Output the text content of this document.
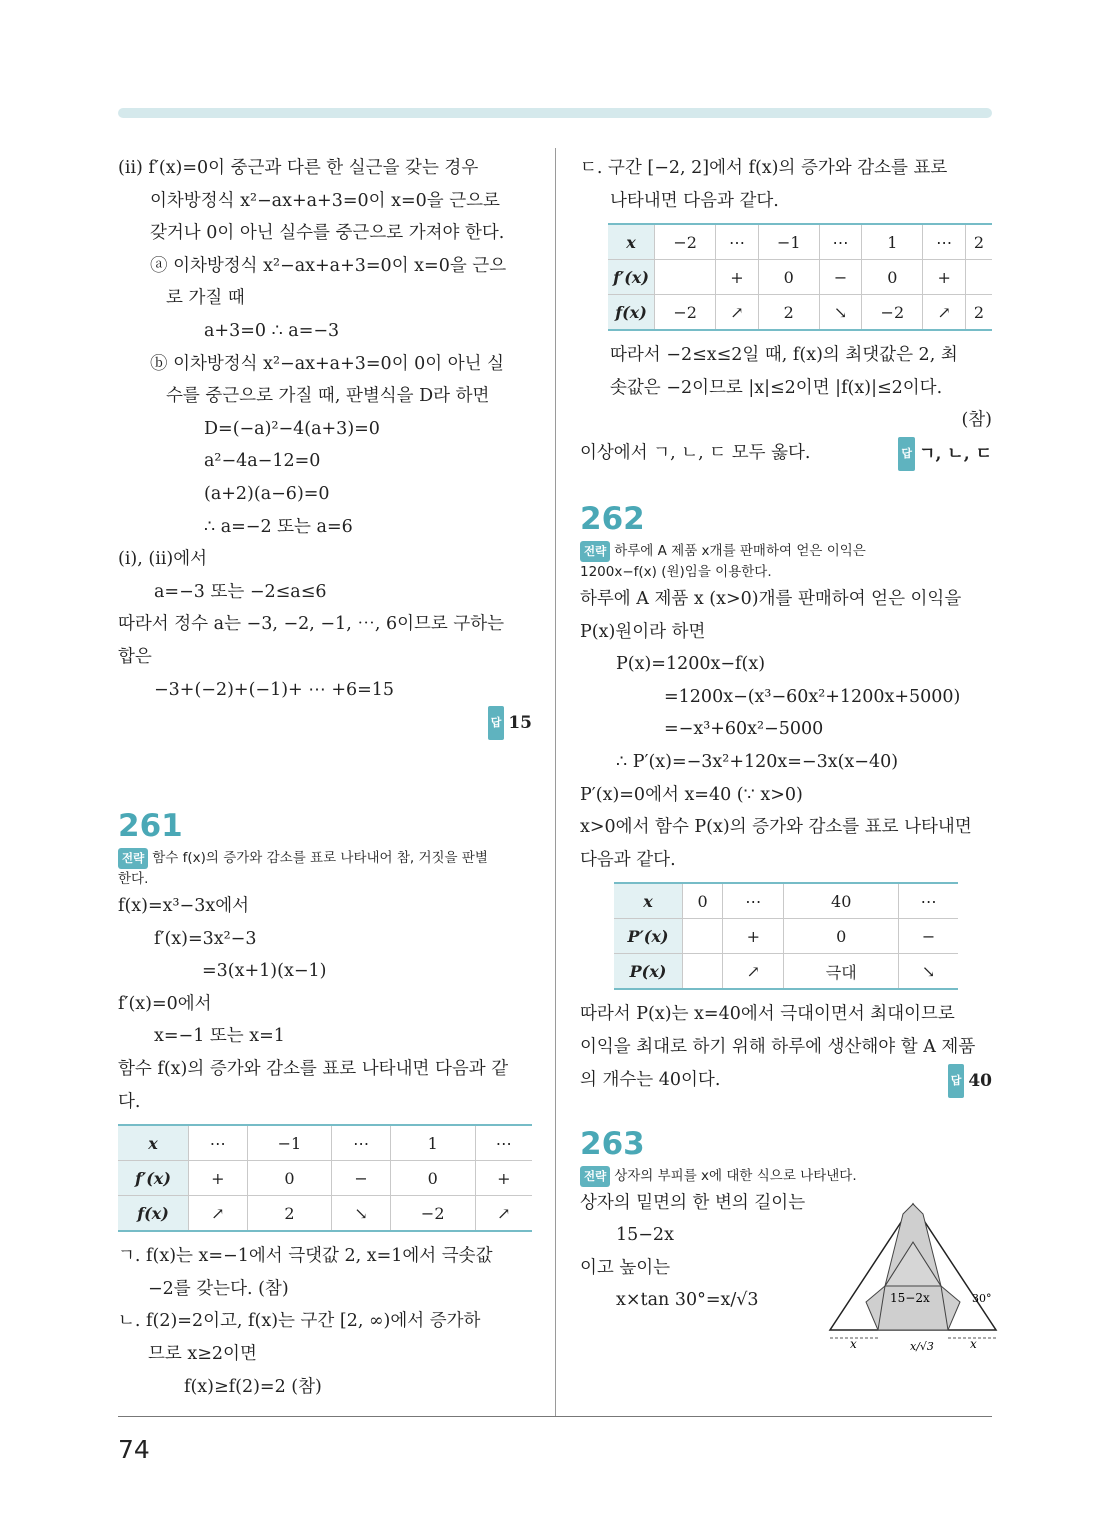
(ⅱ) f′(x)=0이 중근과 다른 한 실근을 갖는 경우
이차방정식 x²−ax+a+3=0이 x=0을 근으로
갖거나 0이 아닌 실수를 중근으로 가져야 한다.
ⓐ 이차방정식 x²−ax+a+3=0이 x=0을 근으
로 가질 때
a+3=0 ∴ a=−3
ⓑ 이차방정식 x²−ax+a+3=0이 0이 아닌 실
수를 중근으로 가질 때, 판별식을 D라 하면
D=(−a)²−4(a+3)=0
a²−4a−12=0
(a+2)(a−6)=0
∴ a=−2 또는 a=6
(ⅰ), (ⅱ)에서
a=−3 또는 −2≤a≤6
따라서 정수 a는 −3, −2, −1, ⋯, 6이므로 구하는
합은
−3+(−2)+(−1)+ ⋯ +6=15
답 15
261
전략 함수 f(x)의 증가와 감소를 표로 나타내어 참, 거짓을 판별
한다.
f(x)=x³−3x에서
f′(x)=3x²−3
=3(x+1)(x−1)
f′(x)=0에서
x=−1 또는 x=1
함수 f(x)의 증가와 감소를 표로 나타내면 다음과 같
다.
x	⋯	−1	⋯	1	⋯
f′(x)	+	0	−	0	+
f(x)	↗	2	↘	−2	↗
ㄱ. f(x)는 x=−1에서 극댓값 2, x=1에서 극솟값
−2를 갖는다. (참)
ㄴ. f(2)=2이고, f(x)는 구간 [2, ∞)에서 증가하
므로 x≥2이면
f(x)≥f(2)=2 (참)
ㄷ. 구간 [−2, 2]에서 f(x)의 증가와 감소를 표로
나타내면 다음과 같다.
x	−2	⋯	−1	⋯	1	⋯	2
f′(x)		+	0	−	0	+	
f(x)	−2	↗	2	↘	−2	↗	2
따라서 −2≤x≤2일 때, f(x)의 최댓값은 2, 최
솟값은 −2이므로 |x|≤2이면 |f(x)|≤2이다.
(참)
이상에서 ㄱ, ㄴ, ㄷ 모두 옳다.	답 ㄱ, ㄴ, ㄷ
262
전략 하루에 A 제품 x개를 판매하여 얻은 이익은
1200x−f(x) (원)임을 이용한다.
하루에 A 제품 x (x>0)개를 판매하여 얻은 이익을
P(x)원이라 하면
P(x)=1200x−f(x)
=1200x−(x³−60x²+1200x+5000)
=−x³+60x²−5000
∴ P′(x)=−3x²+120x=−3x(x−40)
P′(x)=0에서 x=40 (∵ x>0)
x>0에서 함수 P(x)의 증가와 감소를 표로 나타내면
다음과 같다.
x	0	⋯	40	⋯
P′(x)		+	0	−
P(x)		↗	극대	↘
따라서 P(x)는 x=40에서 극대이면서 최대이므로
이익을 최대로 하기 위해 하루에 생산해야 할 A 제품
의 개수는 40이다.	답 40
263
전략 상자의 부피를 x에 대한 식으로 나타낸다.
상자의 밑면의 한 변의 길이는
15−2x
이고 높이는
x×tan 30°=x/√3
x	x
15−2x	30°
x/√3
74
